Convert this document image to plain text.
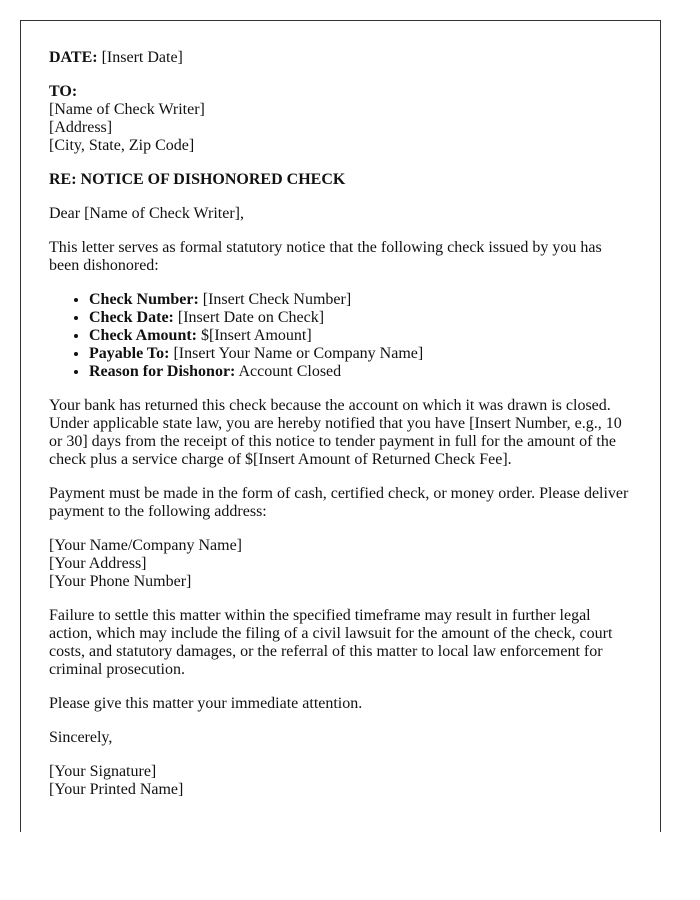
DATE: [Insert Date]

TO:
[Name of Check Writer]
[Address]
[City, State, Zip Code]

RE: NOTICE OF DISHONORED CHECK

Dear [Name of Check Writer],

This letter serves as formal statutory notice that the following check issued by you has been dishonored:

• Check Number: [Insert Check Number]
• Check Date: [Insert Date on Check]
• Check Amount: $[Insert Amount]
• Payable To: [Insert Your Name or Company Name]
• Reason for Dishonor: Account Closed

Your bank has returned this check because the account on which it was drawn is closed. Under applicable state law, you are hereby notified that you have [Insert Number, e.g., 10 or 30] days from the receipt of this notice to tender payment in full for the amount of the check plus a service charge of $[Insert Amount of Returned Check Fee].

Payment must be made in the form of cash, certified check, or money order. Please deliver payment to the following address:

[Your Name/Company Name]
[Your Address]
[Your Phone Number]

Failure to settle this matter within the specified timeframe may result in further legal action, which may include the filing of a civil lawsuit for the amount of the check, court costs, and statutory damages, or the referral of this matter to local law enforcement for criminal prosecution.

Please give this matter your immediate attention.

Sincerely,

[Your Signature]
[Your Printed Name]
